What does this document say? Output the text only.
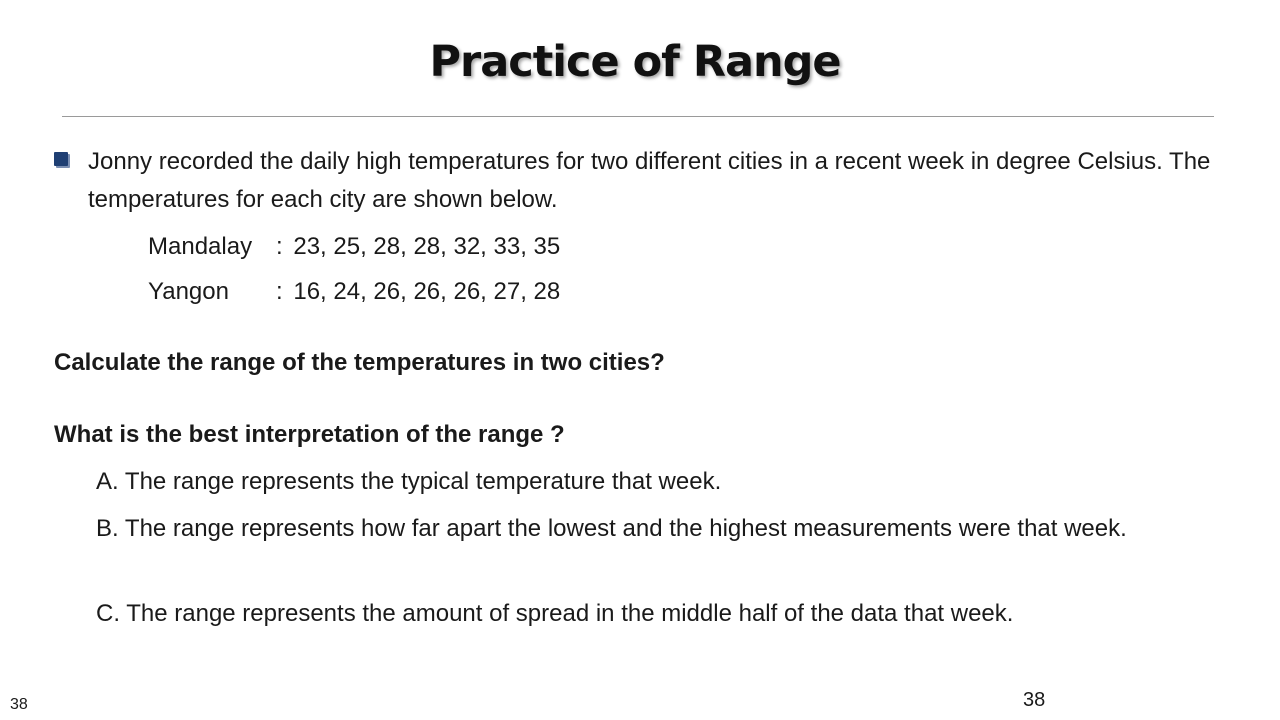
Practice of Range
Jonny recorded the daily high temperatures for two different cities in a recent week in degree Celsius. The temperatures for each city are shown below.
Mandalay : 23, 25, 28, 28, 32, 33, 35
Yangon : 16, 24, 26, 26, 26, 27, 28
Calculate the range of the temperatures in two cities?
What is the best interpretation of the range ?
A. The range represents the typical temperature that week.
B. The range represents how far apart the lowest and the highest measurements were that week.
C. The range represents the amount of spread in the middle half of the data that week.
38	38
